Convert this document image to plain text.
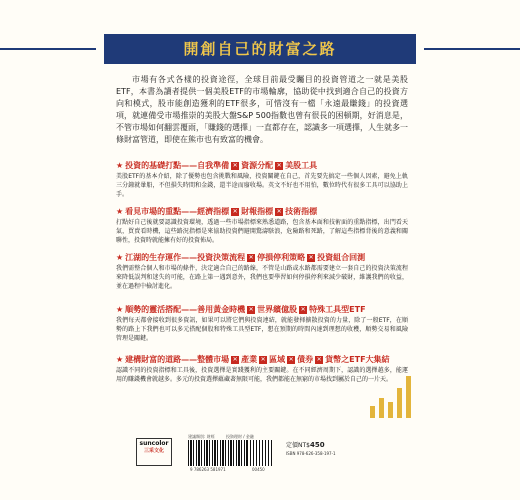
開創自己的財富之路

市場有各式各樣的投資途徑，全球目前最受矚目的投資管道之一就是美股ETF，本書為讀者提供一個美股ETF的市場輪廓，協助從中找到適合自己的投資方向和模式，股市能創造獲利的ETF很多，可惜沒有一檔「永遠最賺錢」的投資選項，就連備受市場推崇的美股大盤S&P 500指數也曾有很長的困頓期，好消息是，不管市場如何翻雲覆雨，「賺錢的選擇」一直都存在，認識多一項選擇，人生就多一條財富管道，即使在熊市也有致富的機會。

★ 投資的基礎打點——自我準備 ✕ 資源分配 ✕ 美股工具

美股ETF的基本介紹，除了優勢也包含挑戰和風險，投資關鍵在自己，首先要先搞定一些個人因素，避免上軌三分鐘就暈船，不但損失時間和金錢，還半途而廢收場。英文不好也不用怕，數位時代有很多工具可以協助上手。

★ 看見市場的重點——經濟指標 ✕ 財報指標 ✕ 技術指標

打點好自己後就要認識投資環境，透過一些市場指標來熟悉道路，包含基本面和技術面的重點指標，出門看天氣，買賣看時機，這些路況指標是來協助投資們避開驚濤駭浪，危險路和死路，了解這些指標背後的意義和關聯性，投資時就能擁有好的投資佈局。

★ 江湖的生存運作——投資決策流程 ✕ 停損停利策略 ✕ 投資組合回測

我們需整合個人和市場的條件，決定適合自己的路線，不管是山路或水路都需要建立一套自己的投資決策流程來降低誤判和迷失的可能，在路上第一遇到意外，我們也要學習如何停損停利來減少破財，維護我們的收益，並在過程中檢討進化。

★ 順勢的靈活搭配——善用黃金時機 ✕ 世界繽億股 ✕ 特殊工具型ETF

我們每天都會接收到很多資訊，如果可以將它們與投資連結，就能發揮擴散投資的力量，除了一般ETF，在順勢的路上下我們也可以多元搭配個股和特殊工具型ETF，想在預期的時間內達到理想的收穫，順勢交易和風險管理是關鍵。

★ 建構財富的道路——整體市場 ✕ 產業 ✕ 區域 ✕ 債券 ✕ 貨幣之ETF大集結

認識不同的投資指標和工具後，投資選擇是實踐獲利的主要關鍵。在不同經濟周期下，認識的選擇越多，能運用的賺錢機會就越多。多元的投資選擇蘊藏著無限可能，我們都能在無窮的市場找到屬於自己的一片天。

suncolor
三采文化
建議類別: 財經	投資理財 / 金融
9 786263 581971	00450
定價NT$450
ISBN 978-626-358-197-1
